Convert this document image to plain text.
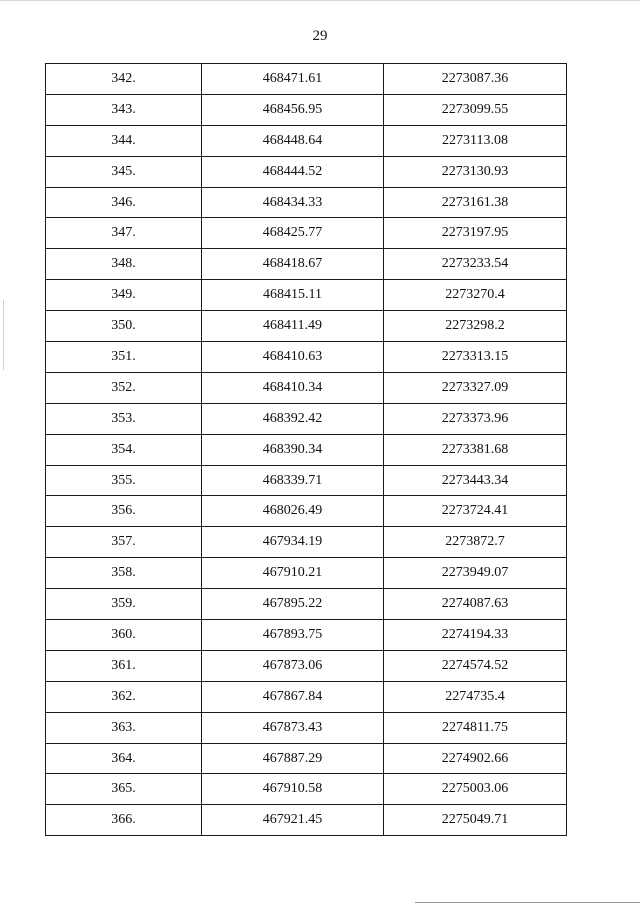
29
342.	468471.61	2273087.36
343.	468456.95	2273099.55
344.	468448.64	2273113.08
345.	468444.52	2273130.93
346.	468434.33	2273161.38
347.	468425.77	2273197.95
348.	468418.67	2273233.54
349.	468415.11	2273270.4
350.	468411.49	2273298.2
351.	468410.63	2273313.15
352.	468410.34	2273327.09
353.	468392.42	2273373.96
354.	468390.34	2273381.68
355.	468339.71	2273443.34
356.	468026.49	2273724.41
357.	467934.19	2273872.7
358.	467910.21	2273949.07
359.	467895.22	2274087.63
360.	467893.75	2274194.33
361.	467873.06	2274574.52
362.	467867.84	2274735.4
363.	467873.43	2274811.75
364.	467887.29	2274902.66
365.	467910.58	2275003.06
366.	467921.45	2275049.71
